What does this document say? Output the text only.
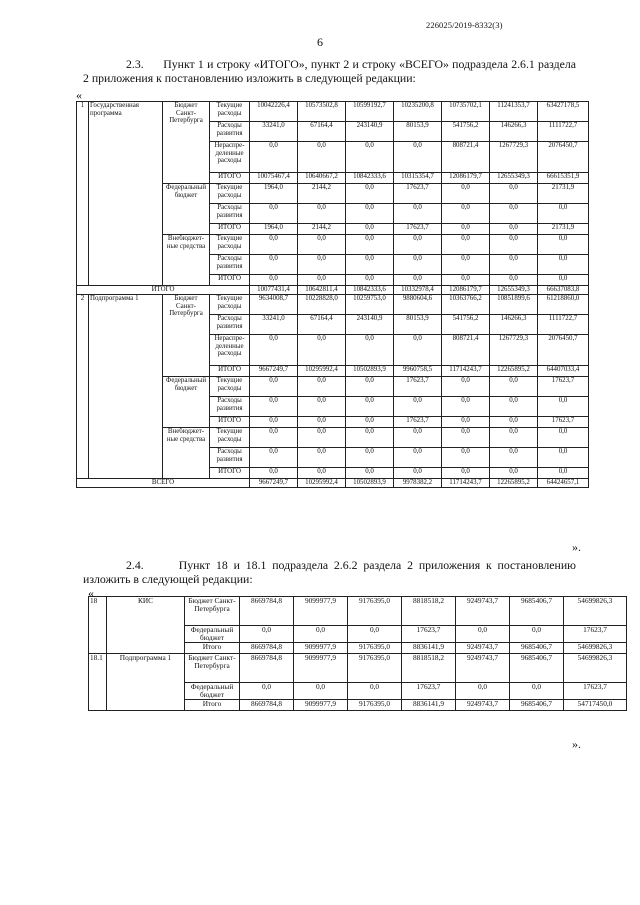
226025/2019-8332(3)
6
2.3. Пункт 1 и строку «ИТОГО», пункт 2 и строку «ВСЕГО» подраздела 2.6.1 раздела 2 приложения к постановлению изложить в следующей редакции:
«
1	Государственная программа	Бюджет Санкт-Петербурга	Текущие расходы	10042226,4	10573502,8	10599192,7	10235200,8	10735702,1	11241353,7	63427178,5
			Расходы развития	33241,0	67164,4	243140,9	80153,9	541756,2	146266,3	1111722,7
			Нераспре-деленные расходы	0,0	0,0	0,0	0,0	808721,4	1267729,3	2076450,7
			ИТОГО	10075467,4	10640667,2	10842333,6	10315354,7	12086179,7	12655349,3	66615351,9
		Федеральный бюджет	Текущие расходы	1964,0	2144,2	0,0	17623,7	0,0	0,0	21731,9
			Расходы развития	0,0	0,0	0,0	0,0	0,0	0,0	0,0
			ИТОГО	1964,0	2144,2	0,0	17623,7	0,0	0,0	21731,9
		Внебюджет-ные средства	Текущие расходы	0,0	0,0	0,0	0,0	0,0	0,0	0,0
			Расходы развития	0,0	0,0	0,0	0,0	0,0	0,0	0,0
			ИТОГО	0,0	0,0	0,0	0,0	0,0	0,0	0,0
ИТОГО				10077431,4	10642811,4	10842333,6	10332978,4	12086179,7	12655349,3	66637083,8
2	Подпрограмма 1	Бюджет Санкт-Петербурга	Текущие расходы	9634008,7	10228828,0	10259753,0	9880604,6	10363766,2	10851899,6	61218860,0
			Расходы развития	33241,0	67164,4	243140,9	80153,9	541756,2	146266,3	1111722,7
			Нераспре-деленные расходы	0,0	0,0	0,0	0,0	808721,4	1267729,3	2076450,7
			ИТОГО	9667249,7	10295992,4	10502893,9	9960758,5	11714243,7	12265895,2	64407033,4
		Федеральный бюджет	Текущие расходы	0,0	0,0	0,0	17623,7	0,0	0,0	17623,7
			Расходы развития	0,0	0,0	0,0	0,0	0,0	0,0	0,0
			ИТОГО	0,0	0,0	0,0	17623,7	0,0	0,0	17623,7
		Внебюджет-ные средства	Текущие расходы	0,0	0,0	0,0	0,0	0,0	0,0	0,0
			Расходы развития	0,0	0,0	0,0	0,0	0,0	0,0	0,0
			ИТОГО	0,0	0,0	0,0	0,0	0,0	0,0	0,0
ВСЕГО				9667249,7	10295992,4	10502893,9	9978382,2	11714243,7	12265895,2	64424657,1
».
2.4.	Пункт 18 и 18.1 подраздела 2.6.2 раздела 2 приложения к постановлению изложить в следующей редакции:
«
18	КИС	Бюджет Санкт-Петербурга	8669784,8	9099977,9	9176395,0	8818518,2	9249743,7	9685406,7	54699826,3
		Федеральный бюджет	0,0	0,0	0,0	17623,7	0,0	0,0	17623,7
		Итого	8669784,8	9099977,9	9176395,0	8836141,9	9249743,7	9685406,7	54699826,3
18.1	Подпрограмма 1	Бюджет Санкт-Петербурга	8669784,8	9099977,9	9176395,0	8818518,2	9249743,7	9685406,7	54699826,3
		Федеральный бюджет	0,0	0,0	0,0	17623,7	0,0	0,0	17623,7
		Итого	8669784,8	9099977,9	9176395,0	8836141,9	9249743,7	9685406,7	54717450,0
».
